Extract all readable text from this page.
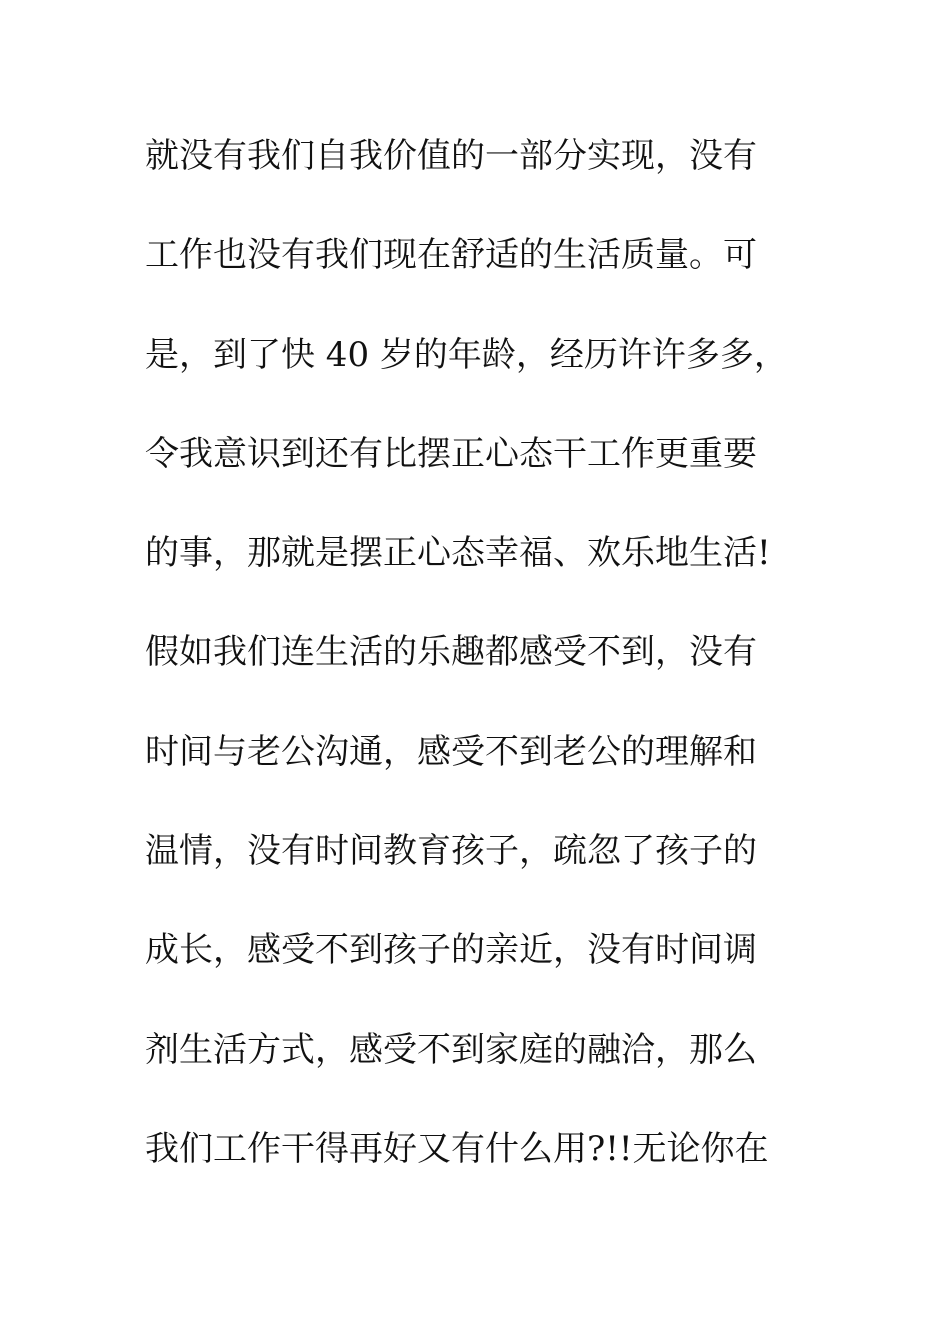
就没有我们自我价值的一部分实现，没有
工作也没有我们现在舒适的生活质量。可
是，到了快 40 岁的年龄，经历许许多多，
令我意识到还有比摆正心态干工作更重要
的事，那就是摆正心态幸福、欢乐地生活!
假如我们连生活的乐趣都感受不到，没有
时间与老公沟通，感受不到老公的理解和
温情，没有时间教育孩子，疏忽了孩子的
成长，感受不到孩子的亲近，没有时间调
剂生活方式，感受不到家庭的融洽，那么
我们工作干得再好又有什么用?!!无论你在
